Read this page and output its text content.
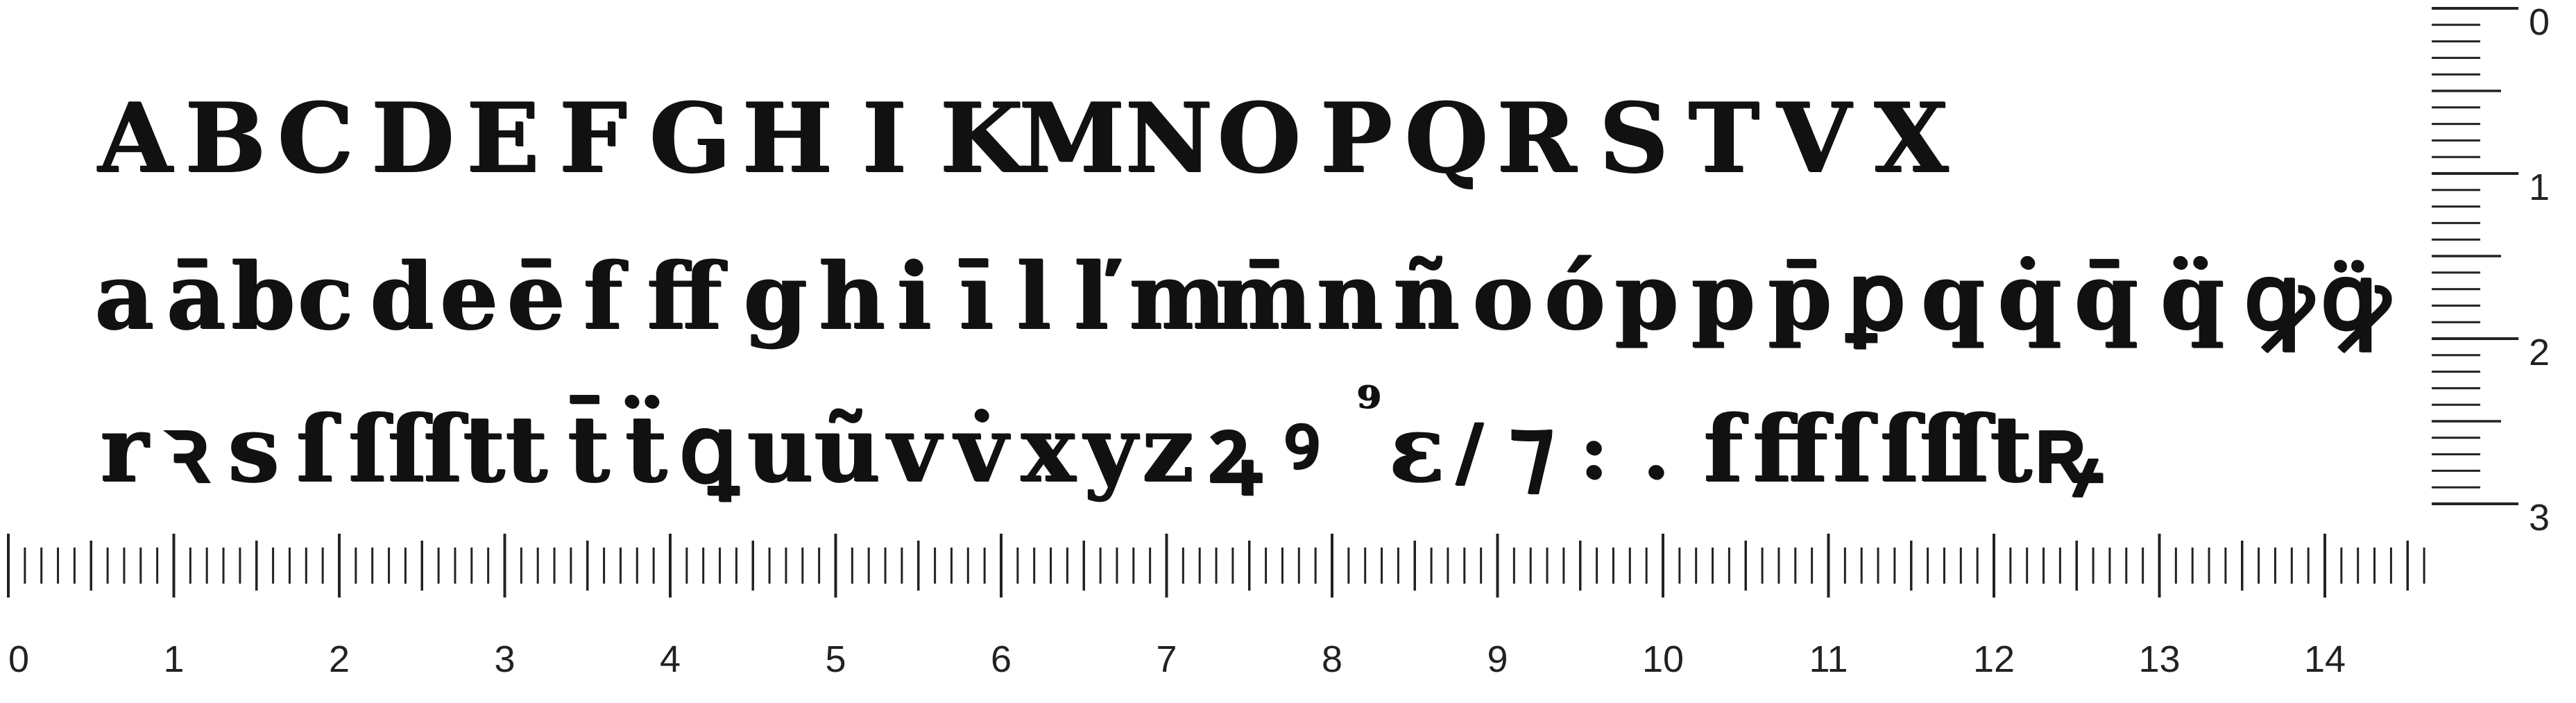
A B C D E F G H I K
M N O P Q R S T V X
a ā b c d e ē f ff g h i ī l ľ m
m̄ n ñ o ó p p p̄ ꝑ q q̇ q̄ q̈ ꝙ ꝙ̈
r ꝛ s ſ ſſ
ſt t t̄ ẗ ꝗ u ũ v v̇ x y z ꝝ ꝰ ⁹ ɛ / ⁊ : . f ff ſ ſſ
ſt ꝶ
0	1	2	3	4	5	6	7	8	9	10	11	12	13	14
0
1
2
3
